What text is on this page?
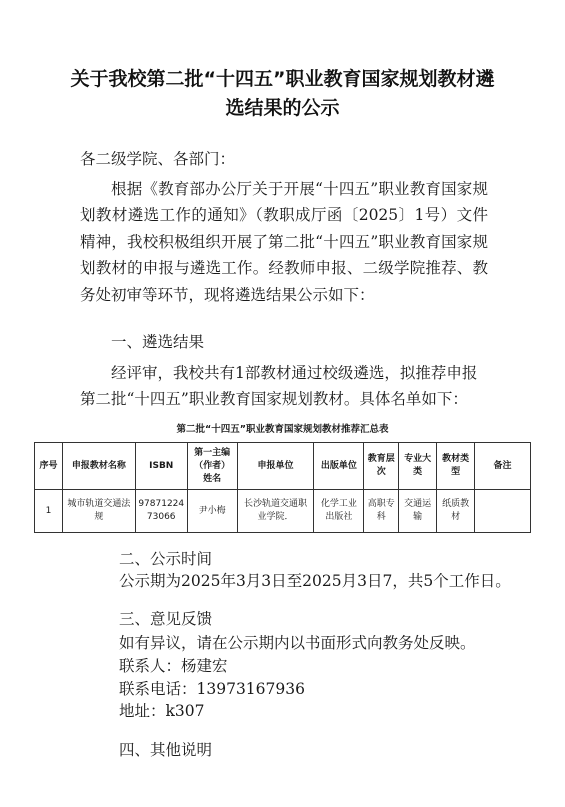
关于我校第二批“十四五”职业教育国家规划教材遴
选结果的公示
各二级学院、各部门：
根据《教育部办公厅关于开展“十四五”职业教育国家规划教材遴选工作的通知》（教职成厅函〔2025〕1号）文件精神，我校积极组织开展了第二批“十四五”职业教育国家规划教材的申报与遴选工作。经教师申报、二级学院推荐、教务处初审等环节，现将遴选结果公示如下：
一、遴选结果
经评审，我校共有1部教材通过校级遴选，拟推荐申报
第二批“十四五”职业教育国家规划教材。具体名单如下：
第二批“十四五”职业教育国家规划教材推荐汇总表
序号	申报教材名称	ISBN	第一主编（作者）姓名	申报单位	出版单位	教育层次	专业大类	教材类型	备注
1	城市轨道交通法规	9787122473066	尹小梅	长沙轨道交通职业学院．	化学工业出版社	高职专科	交通运输	纸质教材	
二、公示时间
公示期为2025年3月3日至2025月3日7，共5个工作日。
三、意见反馈
如有异议，请在公示期内以书面形式向教务处反映。
联系人：杨建宏
联系电话：13973167936
地址：k307
四、其他说明
